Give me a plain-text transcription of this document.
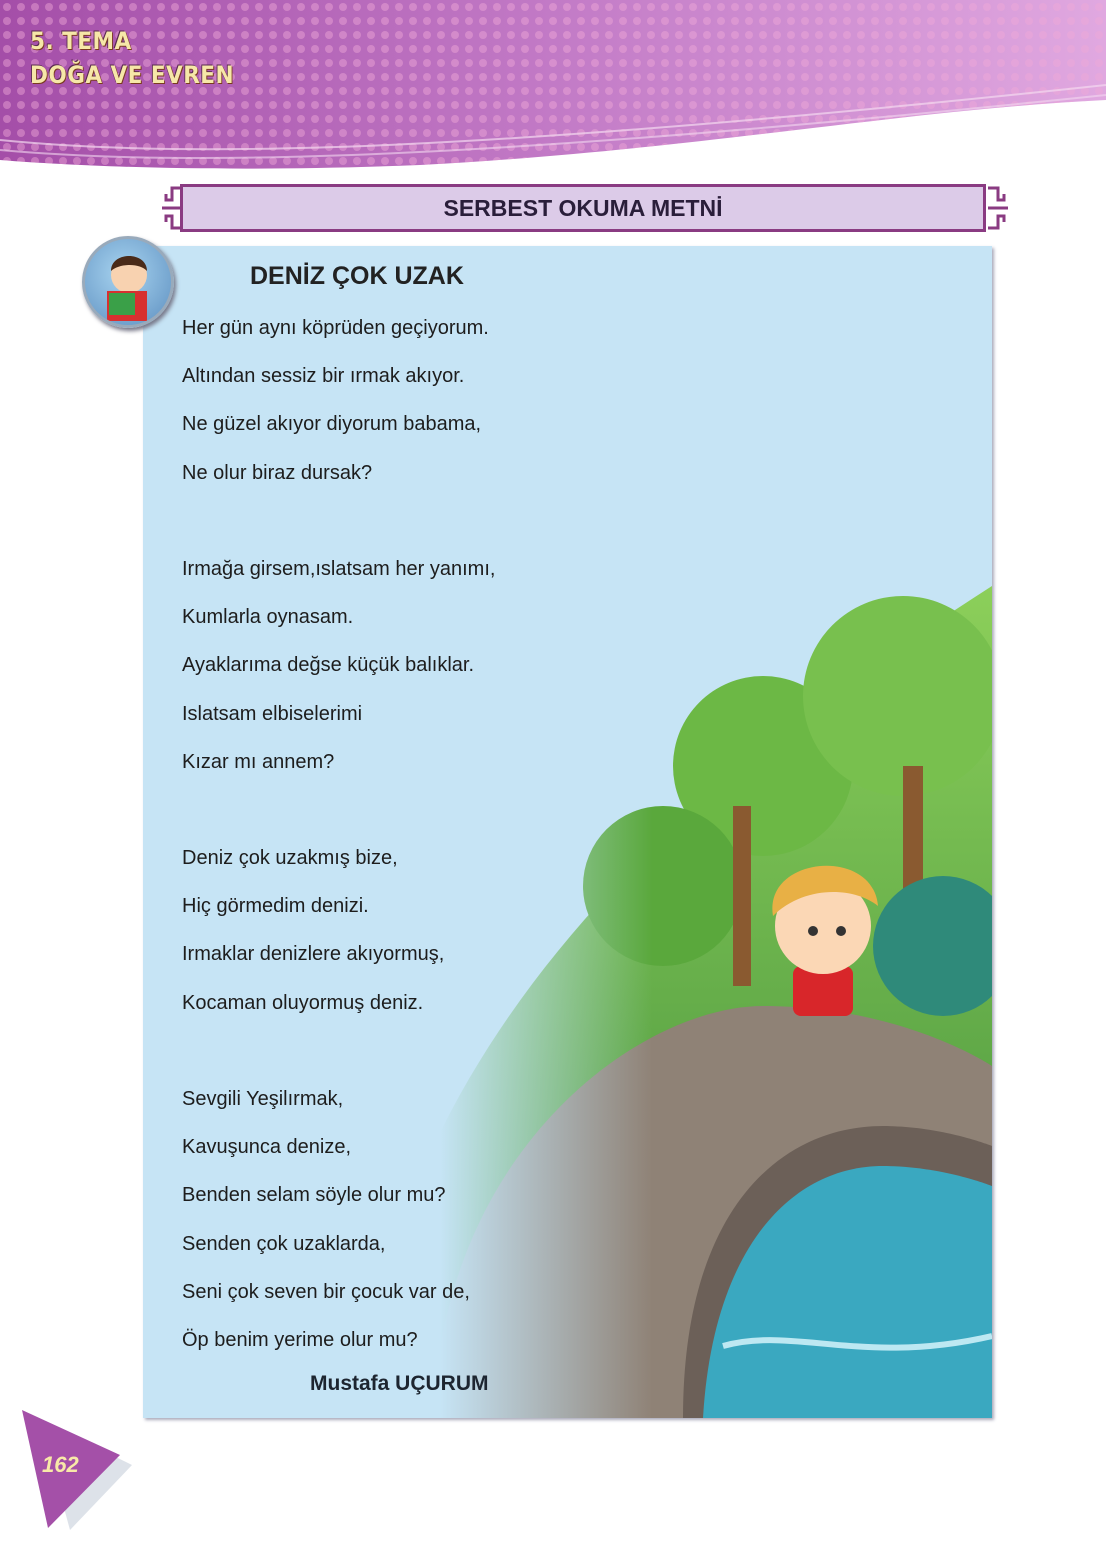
5. TEMA
DOĞA VE EVREN
SERBEST OKUMA METNİ
DENİZ ÇOK UZAK
Her gün aynı köprüden geçiyorum.
Altından sessiz bir ırmak akıyor.
Ne güzel akıyor diyorum babama,
Ne olur biraz dursak?
Irmağa girsem,ıslatsam her yanımı,
Kumlarla oynasam.
Ayaklarıma değse küçük balıklar.
Islatsam elbiselerimi
Kızar mı annem?
Deniz çok uzakmış bize,
Hiç görmedim denizi.
Irmaklar denizlere akıyormuş,
Kocaman oluyormuş deniz.
Sevgili Yeşilırmak,
Kavuşunca denize,
Benden selam söyle olur mu?
Senden çok uzaklarda,
Seni çok seven bir çocuk var de,
Öp benim yerime olur mu?
Mustafa UÇURUM
162
